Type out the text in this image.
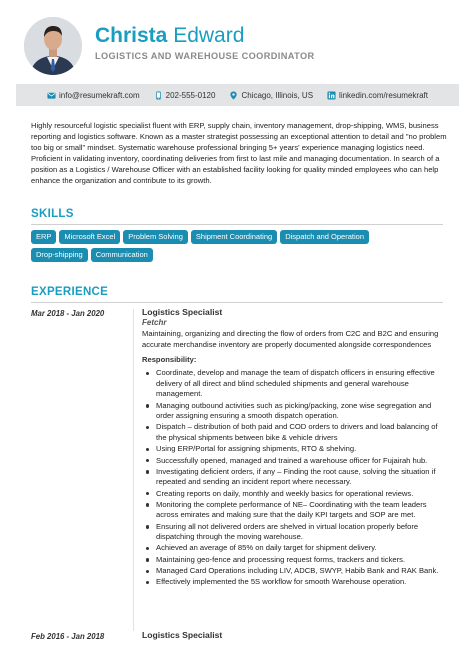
Christa Edward
LOGISTICS AND WAREHOUSE COORDINATOR
info@resumekraft.com	202-555-0120	Chicago, Illinois, US	linkedin.com/resumekraft

Highly resourceful logistic specialist fluent with ERP, supply chain, inventory management, drop-shipping, WMS, business reporting and logistics software. Known as a master strategist possessing an exceptional attention to detail and "no problem too big or small" mindset. Systematic warehouse professional bringing 5+ years' experience managing logistics need. Proficient in validating inventory, coordinating deliveries from first to last mile and managing documentation. In search of a position as a Logistics / Warehouse Officer with an established facility looking for quality minded employees who can help enhance the organization and contribute to its growth.

SKILLS
ERP	Microsoft Excel	Problem Solving	Shipment Coordinating	Dispatch and Operation
Drop-shipping	Communication
EXPERIENCE
Mar 2018 - Jan 2020	Logistics Specialist
Fetchr
Maintaining, organizing and directing the flow of orders from C2C and B2C and ensuring accurate merchandise inventory are properly documented alongside correspondences
Responsibility:
Coordinate, develop and manage the team of dispatch officers in ensuring effective delivery of all direct and blind scheduled shipments and general warehouse management.
Managing outbound activities such as picking/packing, zone wise segregation and order assigning ensuring a smooth dispatch operation.
Dispatch – distribution of both paid and COD orders to drivers and load balancing of the physical shipments between bike & vehicle drivers
Using ERP/Portal for assigning shipments, RTO & shelving.
Successfully opened, managed and trained a warehouse officer for Fujairah hub.
Investigating deficient orders, if any – Finding the root cause, solving the situation if repeated and sending an incident report where necessary.
Creating reports on daily, monthly and weekly basics for operational reviews.
Monitoring the complete performance of NE– Coordinating with the team leaders across emirates and making sure that the daily KPI targets and SOP are met.
Ensuring all not delivered orders are shelved in virtual location properly before dispatching through the moving warehouse.
Achieved an average of 85% on daily target for shipment delivery.
Maintaining geo-fence and processing request forms, trackers and tickers.
Managed Card Operations including LIV, ADCB, SWYP, Habib Bank and RAK Bank.
Effectively implemented the 5S workflow for smooth Warehouse operation.
Feb 2016 - Jan 2018	Logistics Specialist
